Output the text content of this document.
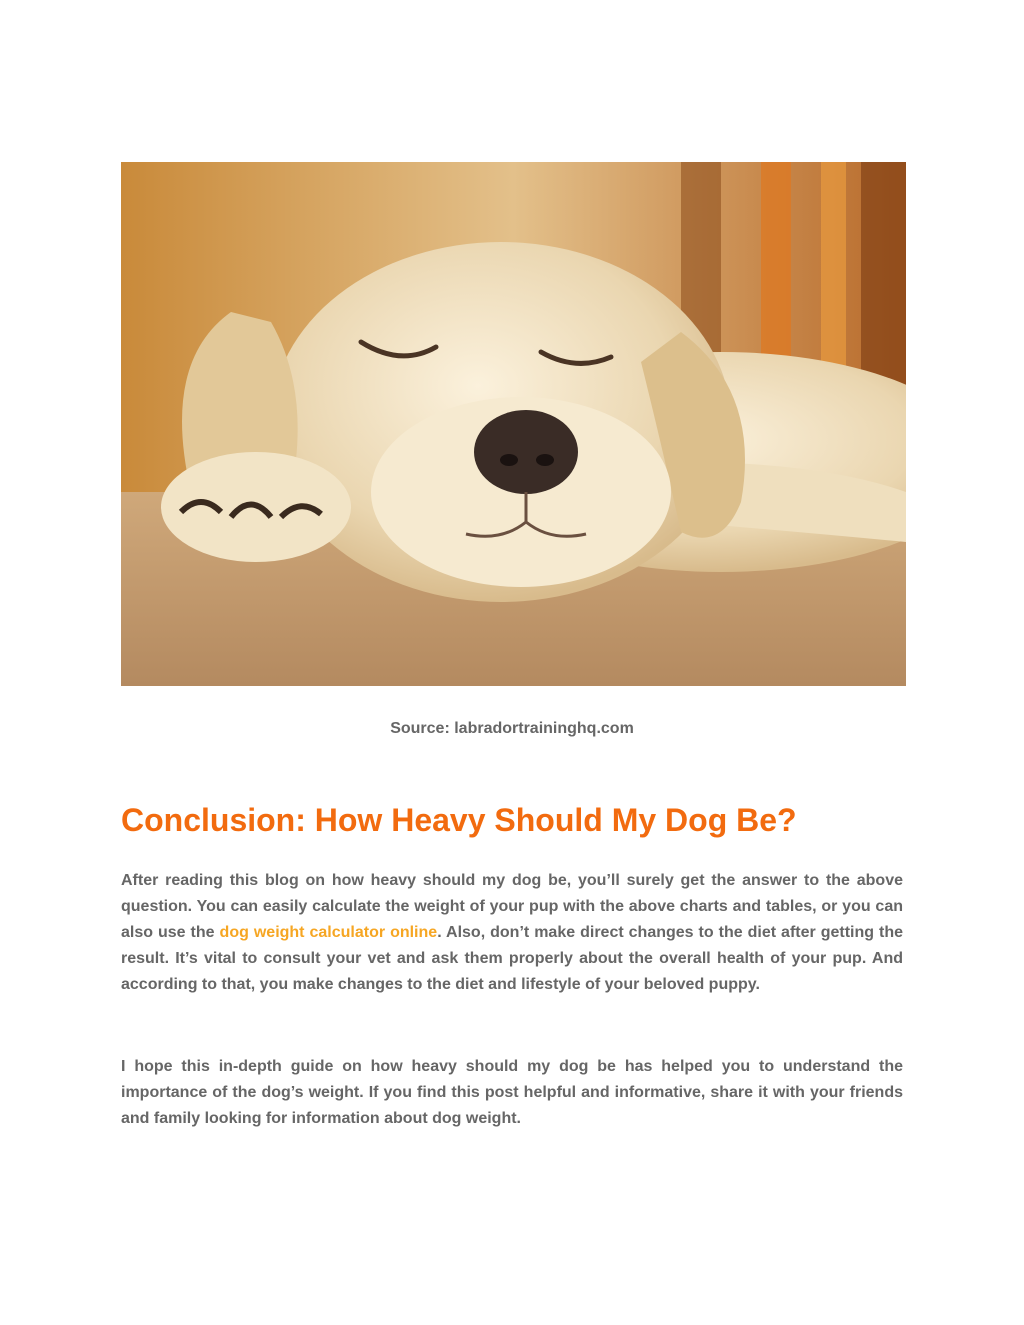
Source: labradortraininghq.com
Conclusion: How Heavy Should My Dog Be?

After reading this blog on how heavy should my dog be, you’ll surely get the answer to the above question. You can easily calculate the weight of your pup with the above charts and tables, or you can also use the dog weight calculator online. Also, don’t make direct changes to the diet after getting the result. It’s vital to consult your vet and ask them properly about the overall health of your pup. And according to that, you make changes to the diet and lifestyle of your beloved puppy.

I hope this in-depth guide on how heavy should my dog be has helped you to understand the importance of the dog’s weight. If you find this post helpful and informative, share it with your friends and family looking for information about dog weight.
